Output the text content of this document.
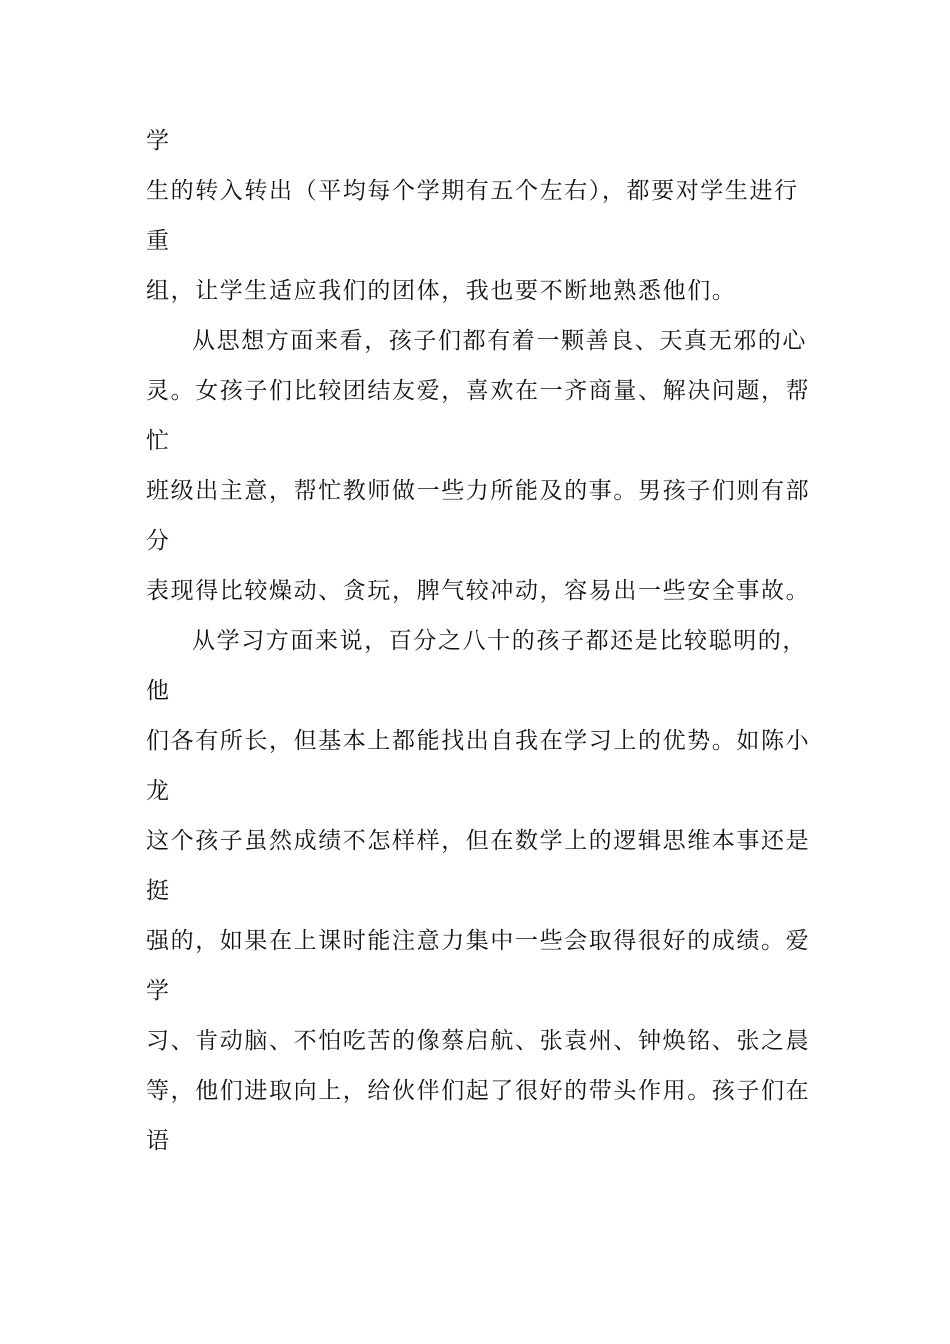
学
生的转入转出（平均每个学期有五个左右），都要对学生进行
重
组，让学生适应我们的团体，我也要不断地熟悉他们。
从思想方面来看，孩子们都有着一颗善良、天真无邪的心
灵。女孩子们比较团结友爱，喜欢在一齐商量、解决问题，帮
忙
班级出主意，帮忙教师做一些力所能及的事。男孩子们则有部
分
表现得比较燥动、贪玩，脾气较冲动，容易出一些安全事故。
从学习方面来说，百分之八十的孩子都还是比较聪明的，
他
们各有所长，但基本上都能找出自我在学习上的优势。如陈小
龙
这个孩子虽然成绩不怎样样，但在数学上的逻辑思维本事还是
挺
强的，如果在上课时能注意力集中一些会取得很好的成绩。爱
学
习、肯动脑、不怕吃苦的像蔡启航、张袁州、钟焕铭、张之晨
等，他们进取向上，给伙伴们起了很好的带头作用。孩子们在
语
